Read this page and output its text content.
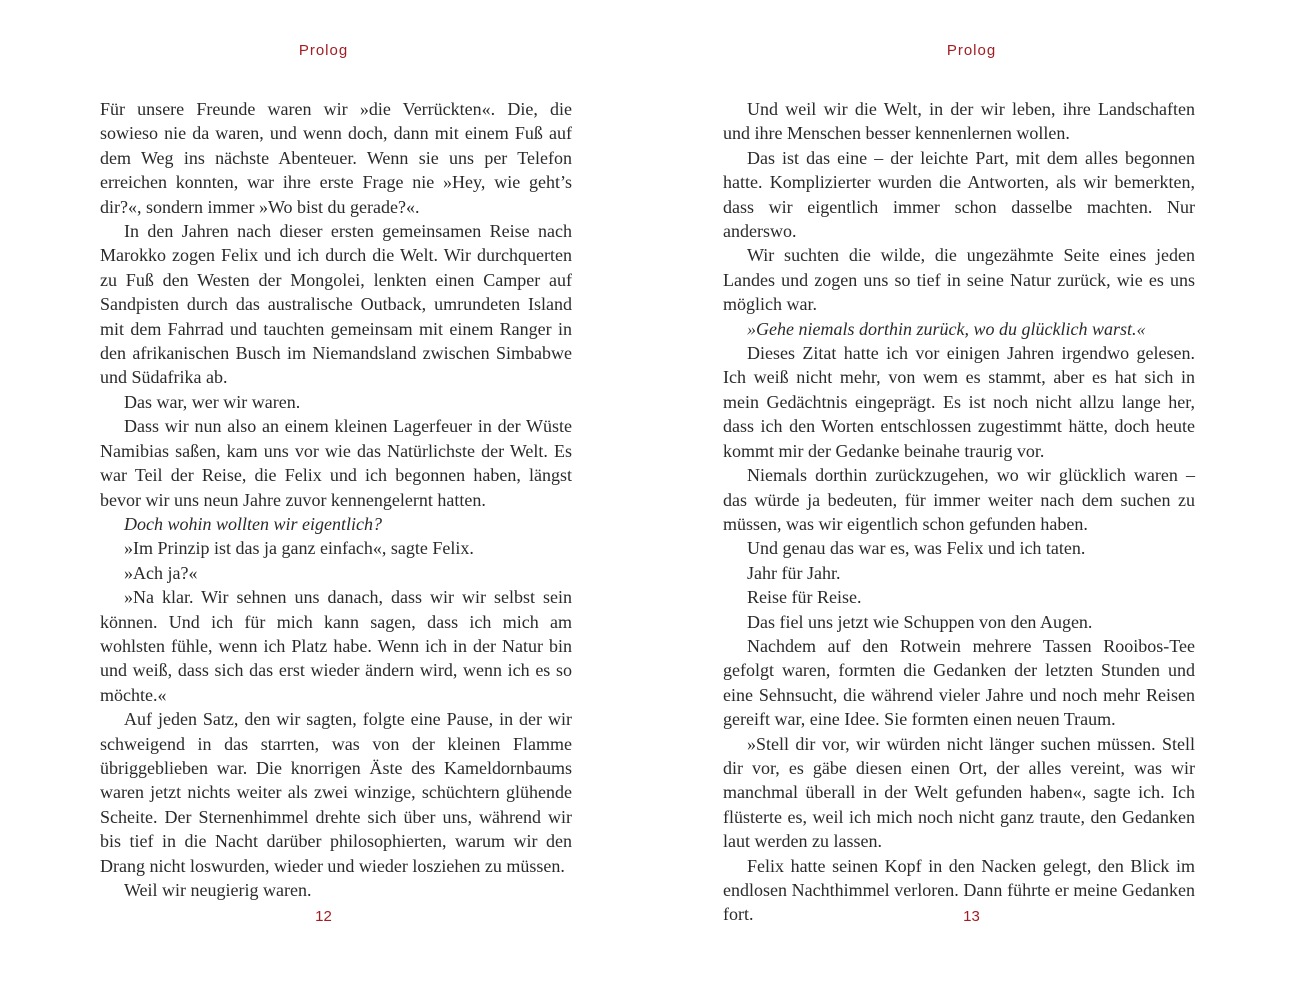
Prolog

Für unsere Freunde waren wir »die Verrückten«. Die, die sowieso nie da waren, und wenn doch, dann mit einem Fuß auf dem Weg ins nächste Abenteuer. Wenn sie uns per Telefon erreichen konnten, war ihre erste Frage nie »Hey, wie geht’s dir?«, sondern immer »Wo bist du gerade?«.

In den Jahren nach dieser ersten gemeinsamen Reise nach Marokko zogen Felix und ich durch die Welt. Wir durchquerten zu Fuß den Westen der Mongolei, lenkten einen Camper auf Sandpisten durch das australische Outback, umrundeten Island mit dem Fahrrad und tauchten gemeinsam mit einem Ranger in den afrikanischen Busch im Niemandsland zwischen Simbabwe und Südafrika ab.

Das war, wer wir waren.

Dass wir nun also an einem kleinen Lagerfeuer in der Wüste Namibias saßen, kam uns vor wie das Natürlichste der Welt. Es war Teil der Reise, die Felix und ich begonnen haben, längst bevor wir uns neun Jahre zuvor kennengelernt hatten.

Doch wohin wollten wir eigentlich?

»Im Prinzip ist das ja ganz einfach«, sagte Felix.

»Ach ja?«

»Na klar. Wir sehnen uns danach, dass wir wir selbst sein können. Und ich für mich kann sagen, dass ich mich am wohlsten fühle, wenn ich Platz habe. Wenn ich in der Natur bin und weiß, dass sich das erst wieder ändern wird, wenn ich es so möchte.«

Auf jeden Satz, den wir sagten, folgte eine Pause, in der wir schweigend in das starrten, was von der kleinen Flamme übriggeblieben war. Die knorrigen Äste des Kameldornbaums waren jetzt nichts weiter als zwei winzige, schüchtern glühende Scheite. Der Sternenhimmel drehte sich über uns, während wir bis tief in die Nacht darüber philosophierten, warum wir den Drang nicht loswurden, wieder und wieder losziehen zu müssen.

Weil wir neugierig waren.

12
Prolog

Und weil wir die Welt, in der wir leben, ihre Landschaften und ihre Menschen besser kennenlernen wollen.

Das ist das eine – der leichte Part, mit dem alles begonnen hatte. Komplizierter wurden die Antworten, als wir bemerkten, dass wir eigentlich immer schon dasselbe machten. Nur anderswo.

Wir suchten die wilde, die ungezähmte Seite eines jeden Landes und zogen uns so tief in seine Natur zurück, wie es uns möglich war.

»Gehe niemals dorthin zurück, wo du glücklich warst.«

Dieses Zitat hatte ich vor einigen Jahren irgendwo gelesen. Ich weiß nicht mehr, von wem es stammt, aber es hat sich in mein Gedächtnis eingeprägt. Es ist noch nicht allzu lange her, dass ich den Worten entschlossen zugestimmt hätte, doch heute kommt mir der Gedanke beinahe traurig vor.

Niemals dorthin zurückzugehen, wo wir glücklich waren – das würde ja bedeuten, für immer weiter nach dem suchen zu müssen, was wir eigentlich schon gefunden haben.

Und genau das war es, was Felix und ich taten.

Jahr für Jahr.

Reise für Reise.

Das fiel uns jetzt wie Schuppen von den Augen.

Nachdem auf den Rotwein mehrere Tassen Rooibos-Tee gefolgt waren, formten die Gedanken der letzten Stunden und eine Sehnsucht, die während vieler Jahre und noch mehr Reisen gereift war, eine Idee. Sie formten einen neuen Traum.

»Stell dir vor, wir würden nicht länger suchen müssen. Stell dir vor, es gäbe diesen einen Ort, der alles vereint, was wir manchmal überall in der Welt gefunden haben«, sagte ich. Ich flüsterte es, weil ich mich noch nicht ganz traute, den Gedanken laut werden zu lassen.

Felix hatte seinen Kopf in den Nacken gelegt, den Blick im endlosen Nachthimmel verloren. Dann führte er meine Gedanken fort.	13
